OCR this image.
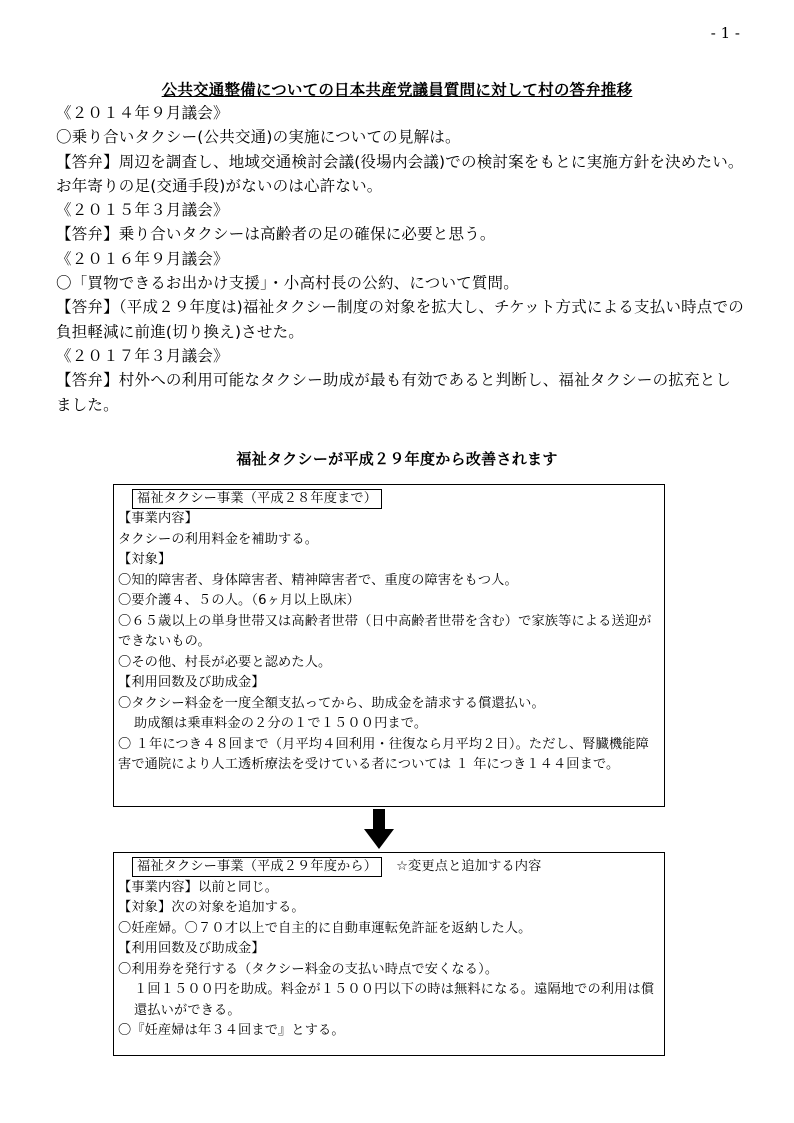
- 1 -
公共交通整備についての日本共産党議員質問に対して村の答弁推移

《２０１４年９月議会》

〇乗り合いタクシー(公共交通)の実施についての見解は。

【答弁】周辺を調査し、地域交通検討会議(役場内会議)での検討案をもとに実施方針を決めたい。お年寄りの足(交通手段)がないのは心許ない。

《２０１５年３月議会》

【答弁】乗り合いタクシーは高齢者の足の確保に必要と思う。

《２０１６年９月議会》

〇「買物できるお出かけ支援」・小高村長の公約、について質問。

【答弁】（平成２９年度は)福祉タクシー制度の対象を拡大し、チケット方式による支払い時点での負担軽減に前進(切り換え)させた。

《２０１７年３月議会》

【答弁】村外への利用可能なタクシー助成が最も有効であると判断し、福祉タクシーの拡充としました。

福祉タクシーが平成２９年度から改善されます
福祉タクシー事業（平成２８年度まで）

【事業内容】

タクシーの利用料金を補助する。

【対象】

〇知的障害者、身体障害者、精神障害者で、重度の障害をもつ人。

〇要介護４、５の人。（6ヶ月以上臥床）

〇６５歳以上の単身世帯又は高齢者世帯（日中高齢者世帯を含む）で家族等による送迎ができないもの。

〇その他、村長が必要と認めた人。

【利用回数及び助成金】

〇タクシー料金を一度全額支払ってから、助成金を請求する償還払い。

助成額は乗車料金の２分の１で１５００円まで。

〇 １年につき４８回まで（月平均４回利用・往復なら月平均２日）。ただし、腎臓機能障害で通院により人工透析療法を受けている者については １ 年につき１４４回まで。

福祉タクシー事業（平成２９年度から）	☆変更点と追加する内容

【事業内容】以前と同じ。

【対象】次の対象を追加する。

〇妊産婦。〇７０才以上で自主的に自動車運転免許証を返納した人。

【利用回数及び助成金】

〇利用券を発行する（タクシー料金の支払い時点で安くなる）。

１回１５００円を助成。料金が１５００円以下の時は無料になる。遠隔地での利用は償還払いができる。

〇『妊産婦は年３４回まで』とする。
